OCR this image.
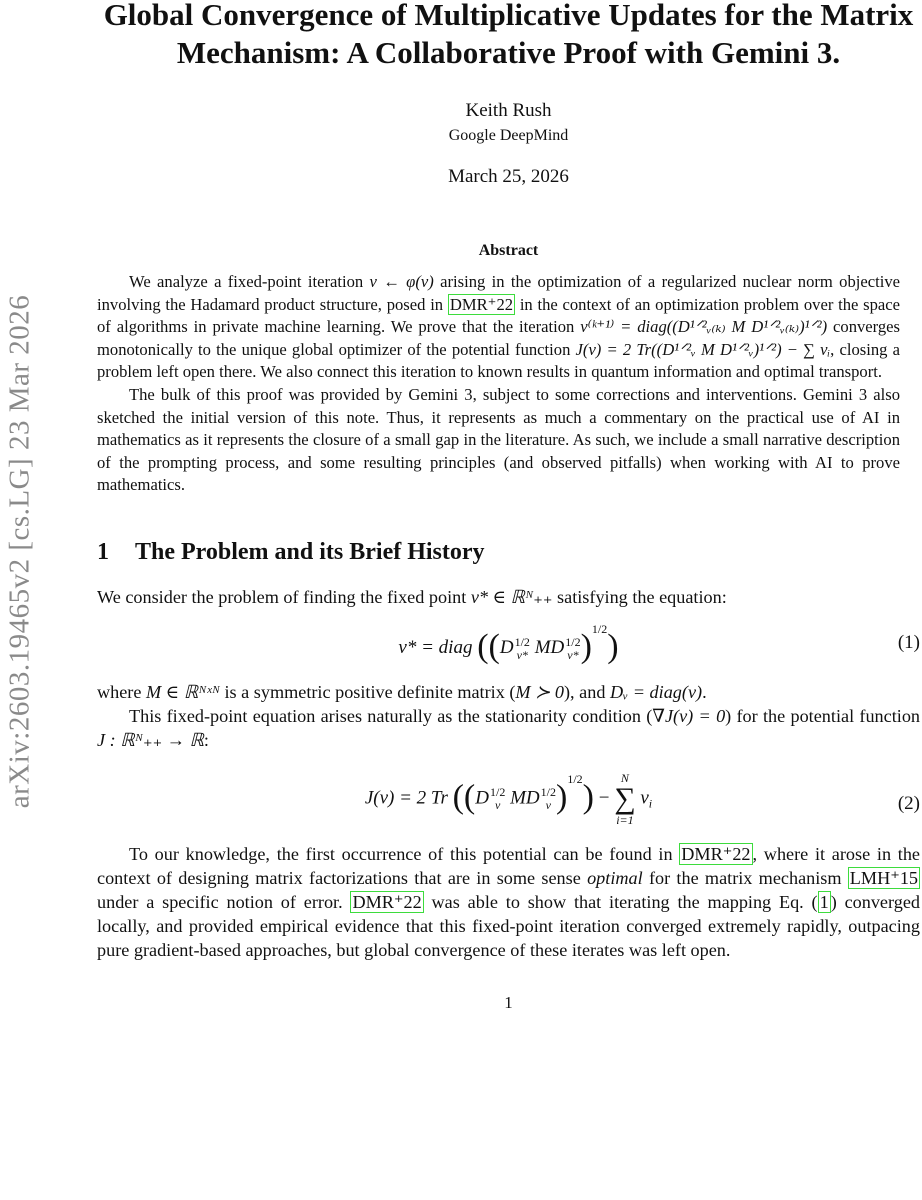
arXiv:2603.19465v2 [cs.LG] 23 Mar 2026
Global Convergence of Multiplicative Updates for the Matrix Mechanism: A Collaborative Proof with Gemini 3.
Keith Rush
Google DeepMind
March 25, 2026
Abstract

We analyze a fixed-point iteration v ← φ(v) arising in the optimization of a regularized nuclear norm objective involving the Hadamard product structure, posed in DMR⁺22 in the context of an optimization problem over the space of algorithms in private machine learning. We prove that the iteration v⁽ᵏ⁺¹⁾ = diag((D¹ᐟ²ᵥ₍ₖ₎ M D¹ᐟ²ᵥ₍ₖ₎)¹ᐟ²) converges monotonically to the unique global optimizer of the potential function J(v) = 2 Tr((D¹ᐟ²ᵥ M D¹ᐟ²ᵥ)¹ᐟ²) − ∑ vᵢ, closing a problem left open there. We also connect this iteration to known results in quantum information and optimal transport.

The bulk of this proof was provided by Gemini 3, subject to some corrections and interventions. Gemini 3 also sketched the initial version of this note. Thus, it represents as much a commentary on the practical use of AI in mathematics as it represents the closure of a small gap in the literature. As such, we include a small narrative description of the prompting process, and some resulting principles (and observed pitfalls) when working with AI to prove mathematics.

1 The Problem and its Brief History

We consider the problem of finding the fixed point v* ∈ ℝᴺ₊₊ satisfying the equation:

v* = diag ((D 1/2
v* MD 1/2
v* )1/2)	(1)

where M ∈ ℝᴺˣᴺ is a symmetric positive definite matrix (M ≻ 0), and Dᵥ = diag(v).

This fixed-point equation arises naturally as the stationarity condition (∇J(v) = 0) for the potential function J : ℝᴺ₊₊ → ℝ:

J(v) = 2 Tr ((D 1/2
v MD 1/2
v )1/2) −
N
∑
i=1
$v_i$	(2)

To our knowledge, the first occurrence of this potential can be found in DMR⁺22 , where it arose in the context of designing matrix factorizations that are in some sense optimal for the matrix mechanism LMH⁺15 under a specific notion of error. DMR⁺22 was able to show that iterating the mapping Eq. ( 1 ) converged locally, and provided empirical evidence that this fixed-point iteration converged extremely rapidly, outpacing pure gradient-based approaches, but global convergence of these iterates was left open.

1
